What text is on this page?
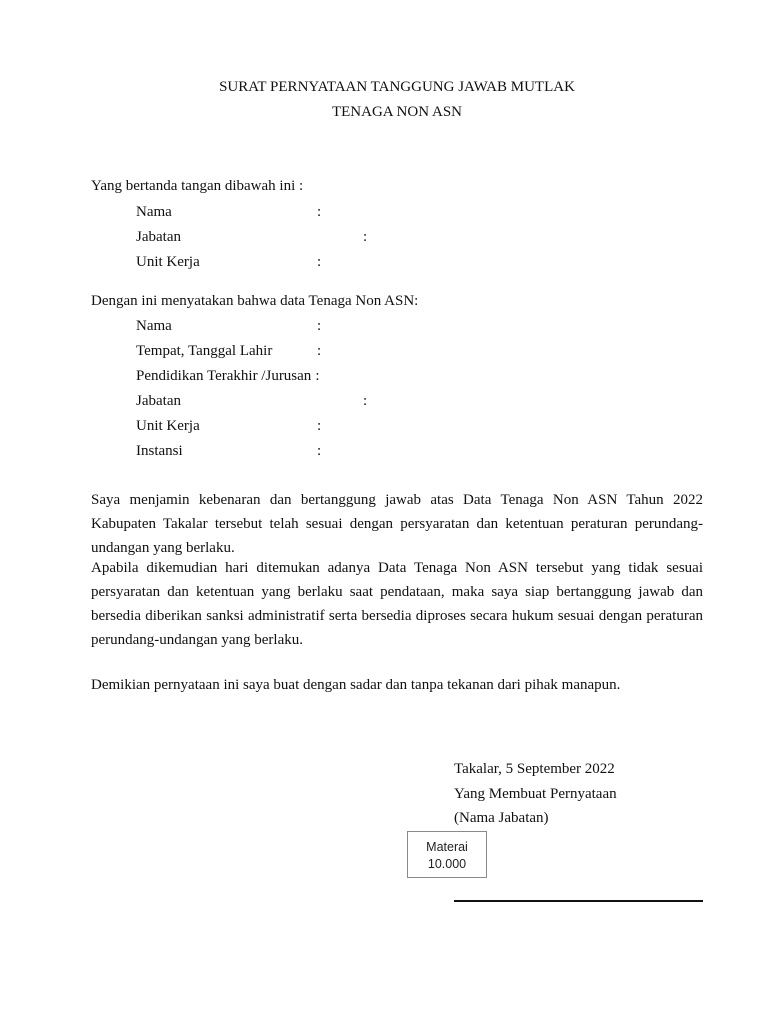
SURAT PERNYATAAN TANGGUNG JAWAB MUTLAK
TENAGA NON ASN
Yang bertanda tangan dibawah ini :
Nama	:
Jabatan	:
Unit Kerja	:
Dengan ini menyatakan bahwa data Tenaga Non ASN:
Nama	:
Tempat, Tanggal Lahir	:
Pendidikan Terakhir /Jurusan :
Jabatan	:
Unit Kerja	:
Instansi	:
Saya menjamin kebenaran dan bertanggung jawab atas Data Tenaga Non ASN Tahun 2022
Kabupaten Takalar tersebut telah sesuai dengan persyaratan dan ketentuan peraturan perundang-
undangan yang berlaku.
Apabila dikemudian hari ditemukan adanya Data Tenaga Non ASN tersebut yang tidak sesuai
persyaratan dan ketentuan yang berlaku saat pendataan, maka saya siap bertanggung jawab dan
bersedia diberikan sanksi administratif serta bersedia diproses secara hukum sesuai dengan peraturan
perundang-undangan yang berlaku.
Demikian pernyataan ini saya buat dengan sadar dan tanpa tekanan dari pihak manapun.
Takalar, 5 September 2022
Yang Membuat Pernyataan
(Nama Jabatan)
Materai
10.000
